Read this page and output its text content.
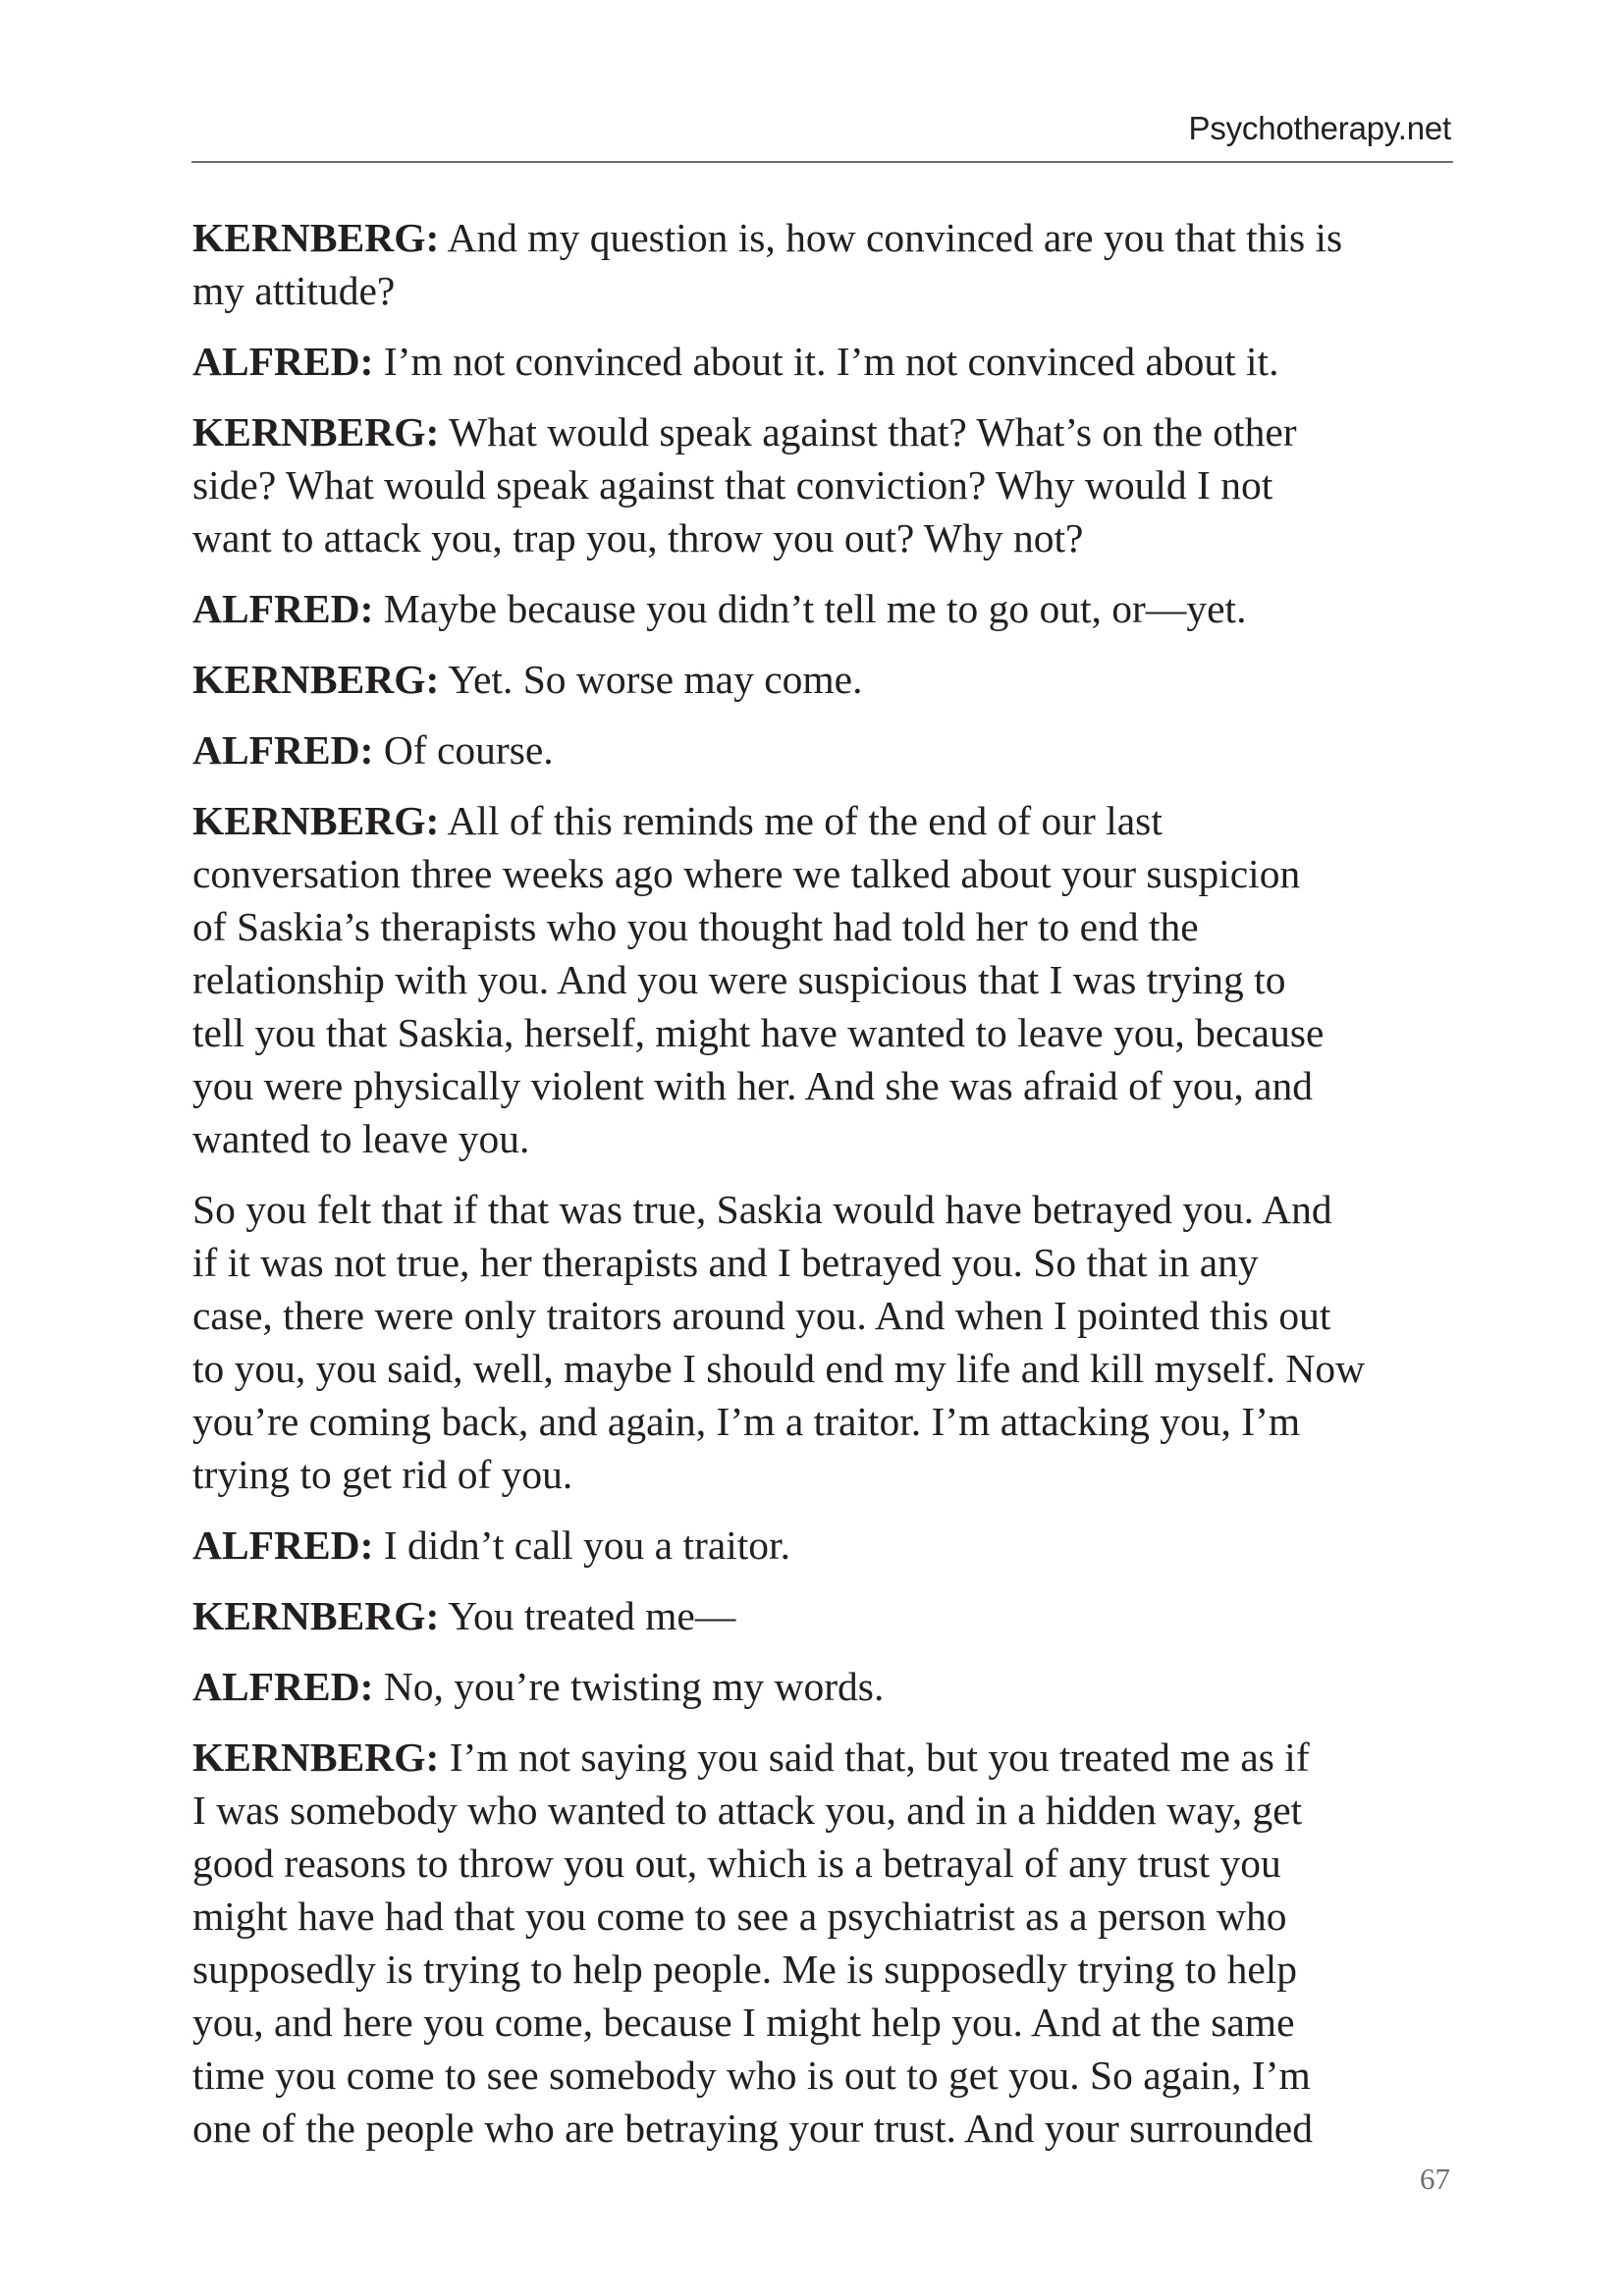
Psychotherapy.net
KERNBERG: And my question is, how convinced are you that this is
my attitude?
ALFRED: I’m not convinced about it. I’m not convinced about it.
KERNBERG: What would speak against that? What’s on the other
side? What would speak against that conviction? Why would I not
want to attack you, trap you, throw you out? Why not?
ALFRED: Maybe because you didn’t tell me to go out, or—yet.
KERNBERG: Yet. So worse may come.
ALFRED: Of course.
KERNBERG: All of this reminds me of the end of our last
conversation three weeks ago where we talked about your suspicion
of Saskia’s therapists who you thought had told her to end the
relationship with you. And you were suspicious that I was trying to
tell you that Saskia, herself, might have wanted to leave you, because
you were physically violent with her. And she was afraid of you, and
wanted to leave you.
So you felt that if that was true, Saskia would have betrayed you. And
if it was not true, her therapists and I betrayed you. So that in any
case, there were only traitors around you. And when I pointed this out
to you, you said, well, maybe I should end my life and kill myself. Now
you’re coming back, and again, I’m a traitor. I’m attacking you, I’m
trying to get rid of you.
ALFRED: I didn’t call you a traitor.
KERNBERG: You treated me—
ALFRED: No, you’re twisting my words.
KERNBERG: I’m not saying you said that, but you treated me as if
I was somebody who wanted to attack you, and in a hidden way, get
good reasons to throw you out, which is a betrayal of any trust you
might have had that you come to see a psychiatrist as a person who
supposedly is trying to help people. Me is supposedly trying to help
you, and here you come, because I might help you. And at the same
time you come to see somebody who is out to get you. So again, I’m
one of the people who are betraying your trust. And your surrounded
67
